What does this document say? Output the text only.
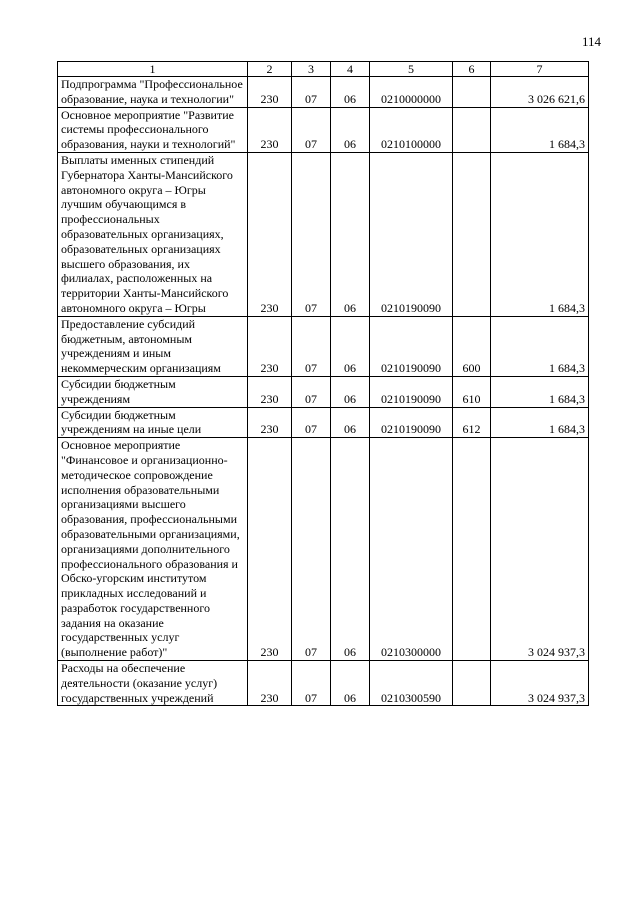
114
1	2	3	4	5	6	7
Подпрограмма "Профессиональное образование, наука и технологии"	230	07	06	0210000000		3 026 621,6
Основное мероприятие "Развитие системы профессионального образования, науки и технологий"	230	07	06	0210100000		1 684,3
Выплаты именных стипендий Губернатора Ханты-Мансийского автономного округа – Югры лучшим обучающимся в профессиональных образовательных организациях, образовательных организациях высшего образования, их филиалах, расположенных на территории Ханты-Мансийского автономного округа – Югры	230	07	06	0210190090		1 684,3
Предоставление субсидий бюджетным, автономным учреждениям и иным некоммерческим организациям	230	07	06	0210190090	600	1 684,3
Субсидии бюджетным учреждениям	230	07	06	0210190090	610	1 684,3
Субсидии бюджетным учреждениям на иные цели	230	07	06	0210190090	612	1 684,3
Основное мероприятие "Финансовое и организационно-методическое сопровождение исполнения образовательными организациями высшего образования, профессиональными образовательными организациями, организациями дополнительного профессионального образования и Обско-угорским институтом прикладных исследований и разработок государственного задания на оказание государственных услуг (выполнение работ)"	230	07	06	0210300000		3 024 937,3
Расходы на обеспечение деятельности (оказание услуг) государственных учреждений	230	07	06	0210300590		3 024 937,3
